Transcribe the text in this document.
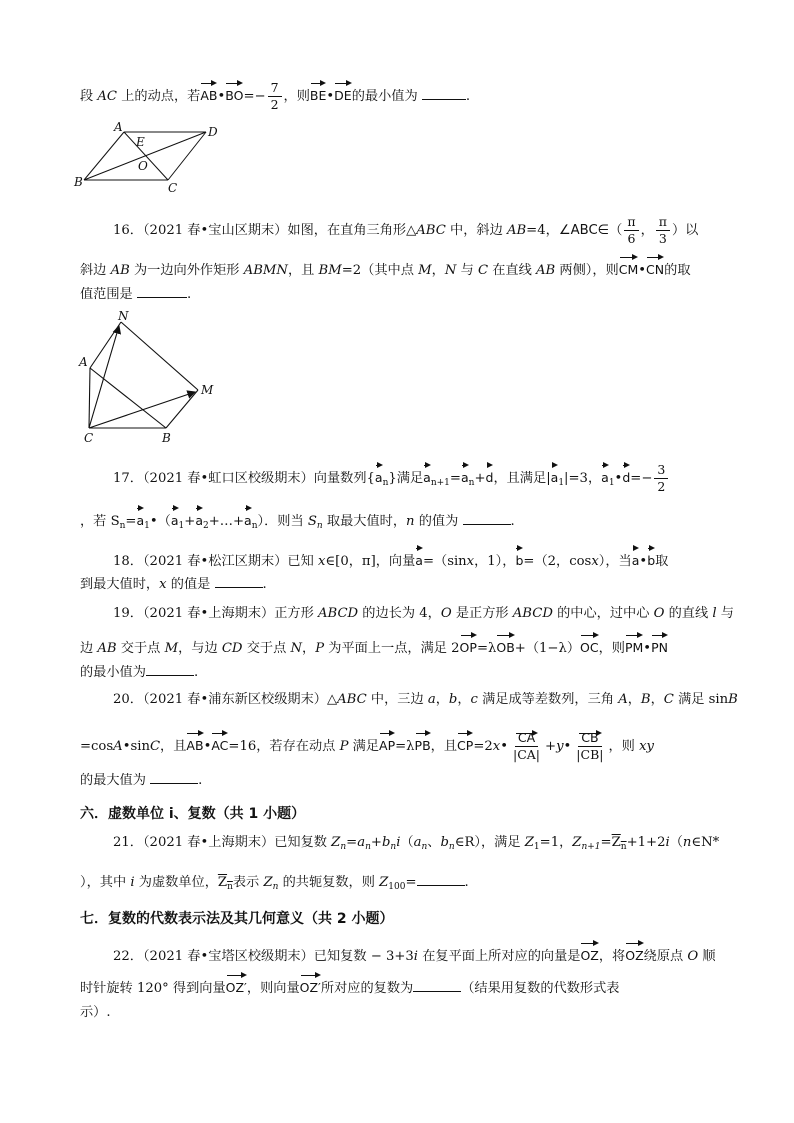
段 AC 上的动点，若AB•BO=− $\frac{7}{2}$ ，则BE•DE的最小值为	.
A
E
D
O
B	C
16．（2021 春•宝山区期末）如图，在直角三角形△ABC 中，斜边 AB=4，∠ABC∈（ $\frac{\pi}{6}$ ， $\frac{\pi}{3}$ ）以
斜边 AB 为一边向外作矩形 ABMN，且 BM=2（其中点 M，N 与 C 在直线 AB 两侧），则CM•CN的取
值范围是	.
N
A
M
C	B
17．（2021 春•虹口区校级期末）向量数列$\{a_n\}$满足$a_{n+1}=a_n+d$，且满足$|a_1|=3$，$a_1•d=- \frac{3}{2}$
，若 $S_n=a_1•(a_1+a_2+\dots+a_n)$．则当 $S_n$ 取最大值时，n 的值为	.
18．（2021 春•松江区期末）已知 x∈[0，π]，向量a=（sinx，1），b=（2，cosx），当a•b取
到最大值时，x 的值是	.
19．（2021 春•上海期末）正方形 ABCD 的边长为 4，O 是正方形 ABCD 的中心，过中心 O 的直线 l 与
边 AB 交于点 M，与边 CD 交于点 N，P 为平面上一点，满足 2OP=λOB+（1−λ）OC，则PM•PN
的最小值为	.
20．（2021 春•浦东新区校级期末）△ABC 中，三边 a，b，c 满足成等差数列，三角 A，B，C 满足 sinB
=cosA•sinC，且AB•AC=16，若存在动点 P 满足AP=λPB，且CP=2x• $\frac{CA}{|CA|}$ +y• $\frac{CB}{|CB|}$ ，则 xy
的最大值为	.
六．虚数单位 i、复数（共 1 小题）
21．（2021 春•上海期末）已知复数 $Z_n=a_n+b_ni(a_n$、$b_n\in R$），满足 $Z_1=1$，$Z_{n+1}=\overline{Z}_{\overline{n}}+1+2i(n\in N*$
），其中 i 为虚数单位，$\overline{Z}_{\overline{n}}$表示 $Z_n$ 的共轭复数，则 $Z_{100}=$	.
七．复数的代数表示法及其几何意义（共 2 小题）
22．（2021 春•宝塔区校级期末）已知复数 − 3+3i 在复平面上所对应的向量是OZ，将OZ绕原点 O 顺
时针旋转 120° 得到向量OZ′，则向量OZ′所对应的复数为	（结果用复数的代数形式表
示）.
